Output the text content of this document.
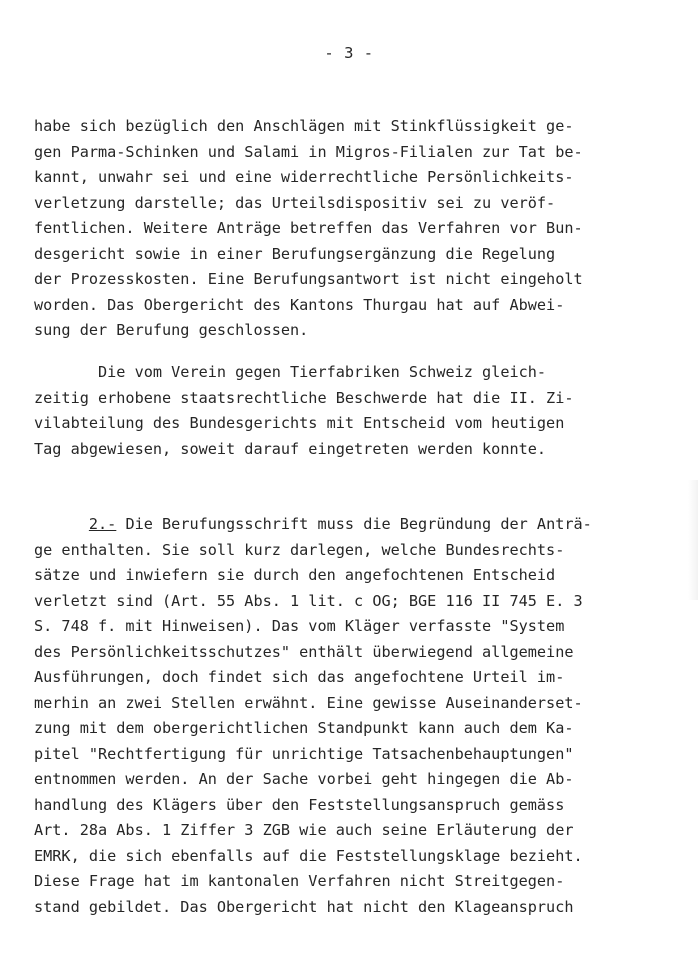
- 3 -
habe sich bezüglich den Anschlägen mit Stinkflüssigkeit ge-
gen Parma-Schinken und Salami in Migros-Filialen zur Tat be-
kannt, unwahr sei und eine widerrechtliche Persönlichkeits-
verletzung darstelle; das Urteilsdispositiv sei zu veröf-
fentlichen. Weitere Anträge betreffen das Verfahren vor Bun-
desgericht sowie in einer Berufungsergänzung die Regelung
der Prozesskosten. Eine Berufungsantwort ist nicht eingeholt
worden. Das Obergericht des Kantons Thurgau hat auf Abwei-
sung der Berufung geschlossen.
Die vom Verein gegen Tierfabriken Schweiz gleich-
zeitig erhobene staatsrechtliche Beschwerde hat die II. Zi-
vilabteilung des Bundesgerichts mit Entscheid vom heutigen
Tag abgewiesen, soweit darauf eingetreten werden konnte.
2.- Die Berufungsschrift muss die Begründung der Anträ-
ge enthalten. Sie soll kurz darlegen, welche Bundesrechts-
sätze und inwiefern sie durch den angefochtenen Entscheid
verletzt sind (Art. 55 Abs. 1 lit. c OG; BGE 116 II 745 E. 3
S. 748 f. mit Hinweisen). Das vom Kläger verfasste "System
des Persönlichkeitsschutzes" enthält überwiegend allgemeine
Ausführungen, doch findet sich das angefochtene Urteil im-
merhin an zwei Stellen erwähnt. Eine gewisse Auseinanderset-
zung mit dem obergerichtlichen Standpunkt kann auch dem Ka-
pitel "Rechtfertigung für unrichtige Tatsachenbehauptungen"
entnommen werden. An der Sache vorbei geht hingegen die Ab-
handlung des Klägers über den Feststellungsanspruch gemäss
Art. 28a Abs. 1 Ziffer 3 ZGB wie auch seine Erläuterung der
EMRK, die sich ebenfalls auf die Feststellungsklage bezieht.
Diese Frage hat im kantonalen Verfahren nicht Streitgegen-
stand gebildet. Das Obergericht hat nicht den Klageanspruch
